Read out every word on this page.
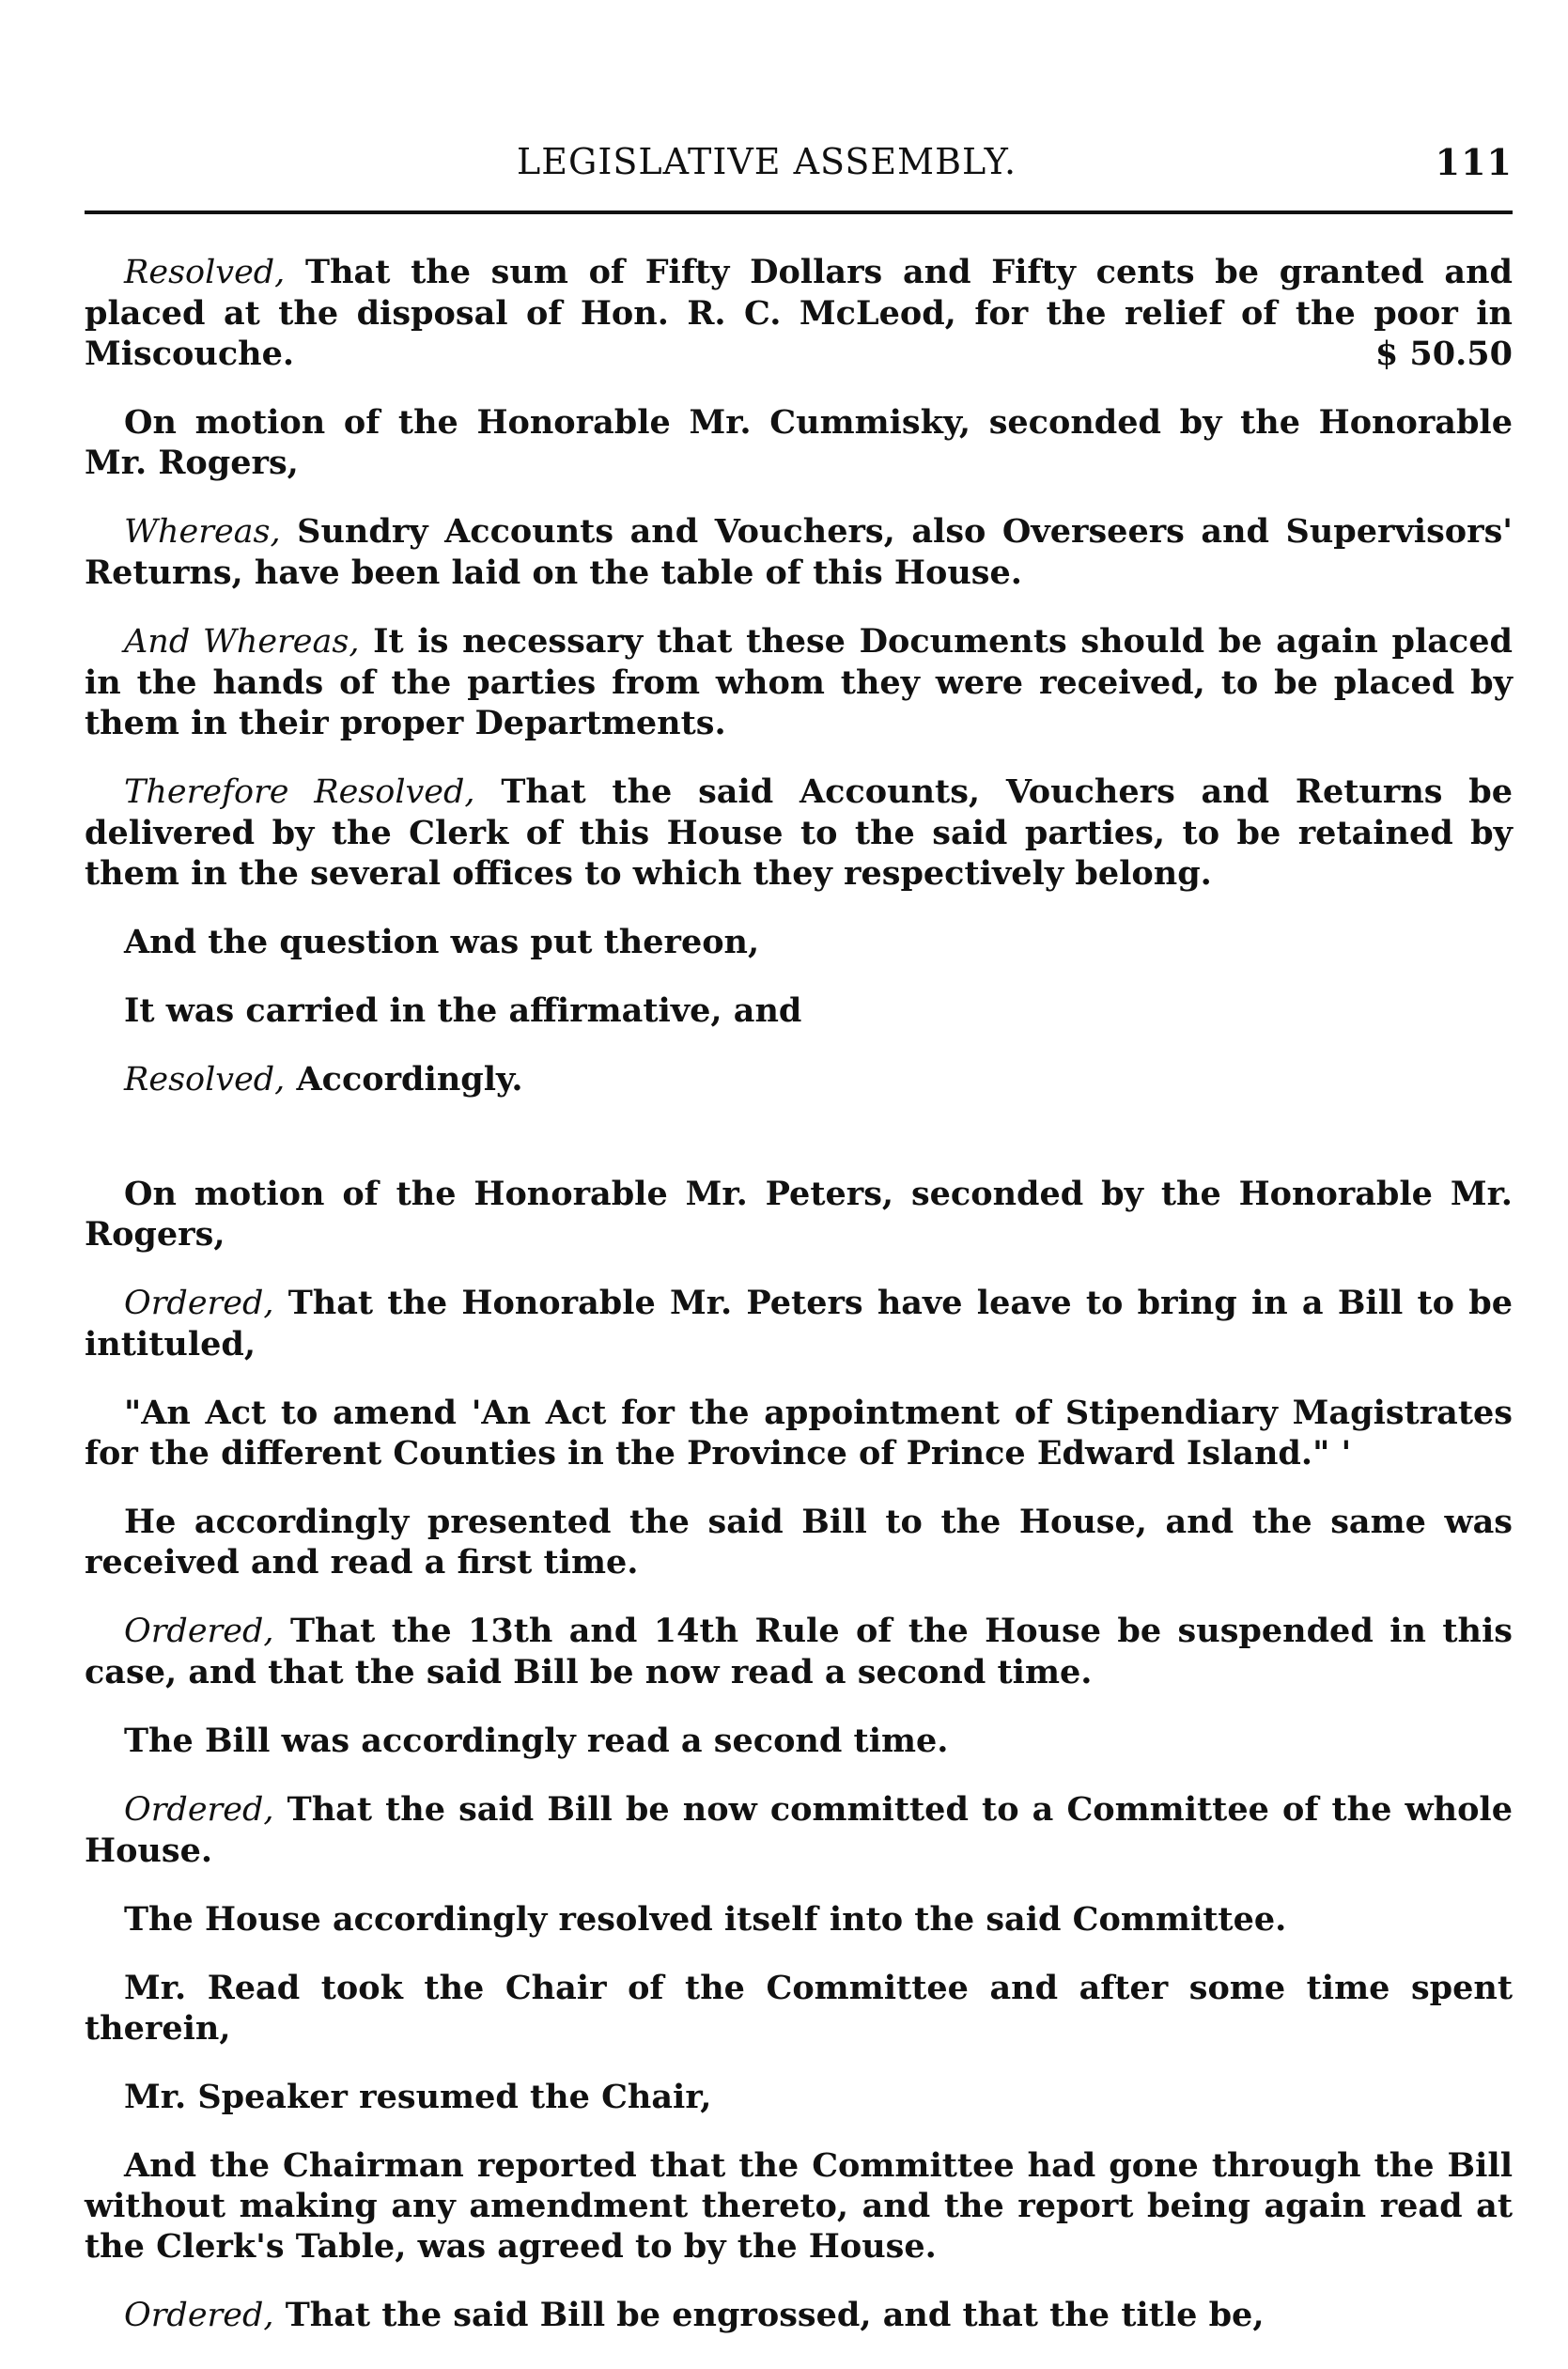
LEGISLATIVE ASSEMBLY.	111

Resolved, That the sum of Fifty Dollars and Fifty cents be granted and placed at the disposal of Hon. R. C. McLeod, for the relief of the poor in Miscouche.	$ 50.50

On motion of the Honorable Mr. Cummisky, seconded by the Honorable Mr. Rogers,

Whereas, Sundry Accounts and Vouchers, also Overseers and Supervisors' Returns, have been laid on the table of this House.

And Whereas, It is necessary that these Documents should be again placed in the hands of the parties from whom they were received, to be placed by them in their proper Departments.

Therefore Resolved, That the said Accounts, Vouchers and Returns be delivered by the Clerk of this House to the said parties, to be retained by them in the several offices to which they respectively belong.

And the question was put thereon,

It was carried in the affirmative, and

Resolved, Accordingly.

On motion of the Honorable Mr. Peters, seconded by the Honorable Mr. Rogers,

Ordered, That the Honorable Mr. Peters have leave to bring in a Bill to be intituled,

"An Act to amend 'An Act for the appointment of Stipendiary Magistrates for the different Counties in the Province of Prince Edward Island." '

He accordingly presented the said Bill to the House, and the same was received and read a first time.

Ordered, That the 13th and 14th Rule of the House be suspended in this case, and that the said Bill be now read a second time.

The Bill was accordingly read a second time.

Ordered, That the said Bill be now committed to a Committee of the whole House.

The House accordingly resolved itself into the said Committee.

Mr. Read took the Chair of the Committee and after some time spent therein,

Mr. Speaker resumed the Chair,

And the Chairman reported that the Committee had gone through the Bill without making any amendment thereto, and the report being again read at the Clerk's Table, was agreed to by the House.

Ordered, That the said Bill be engrossed, and that the title be,
